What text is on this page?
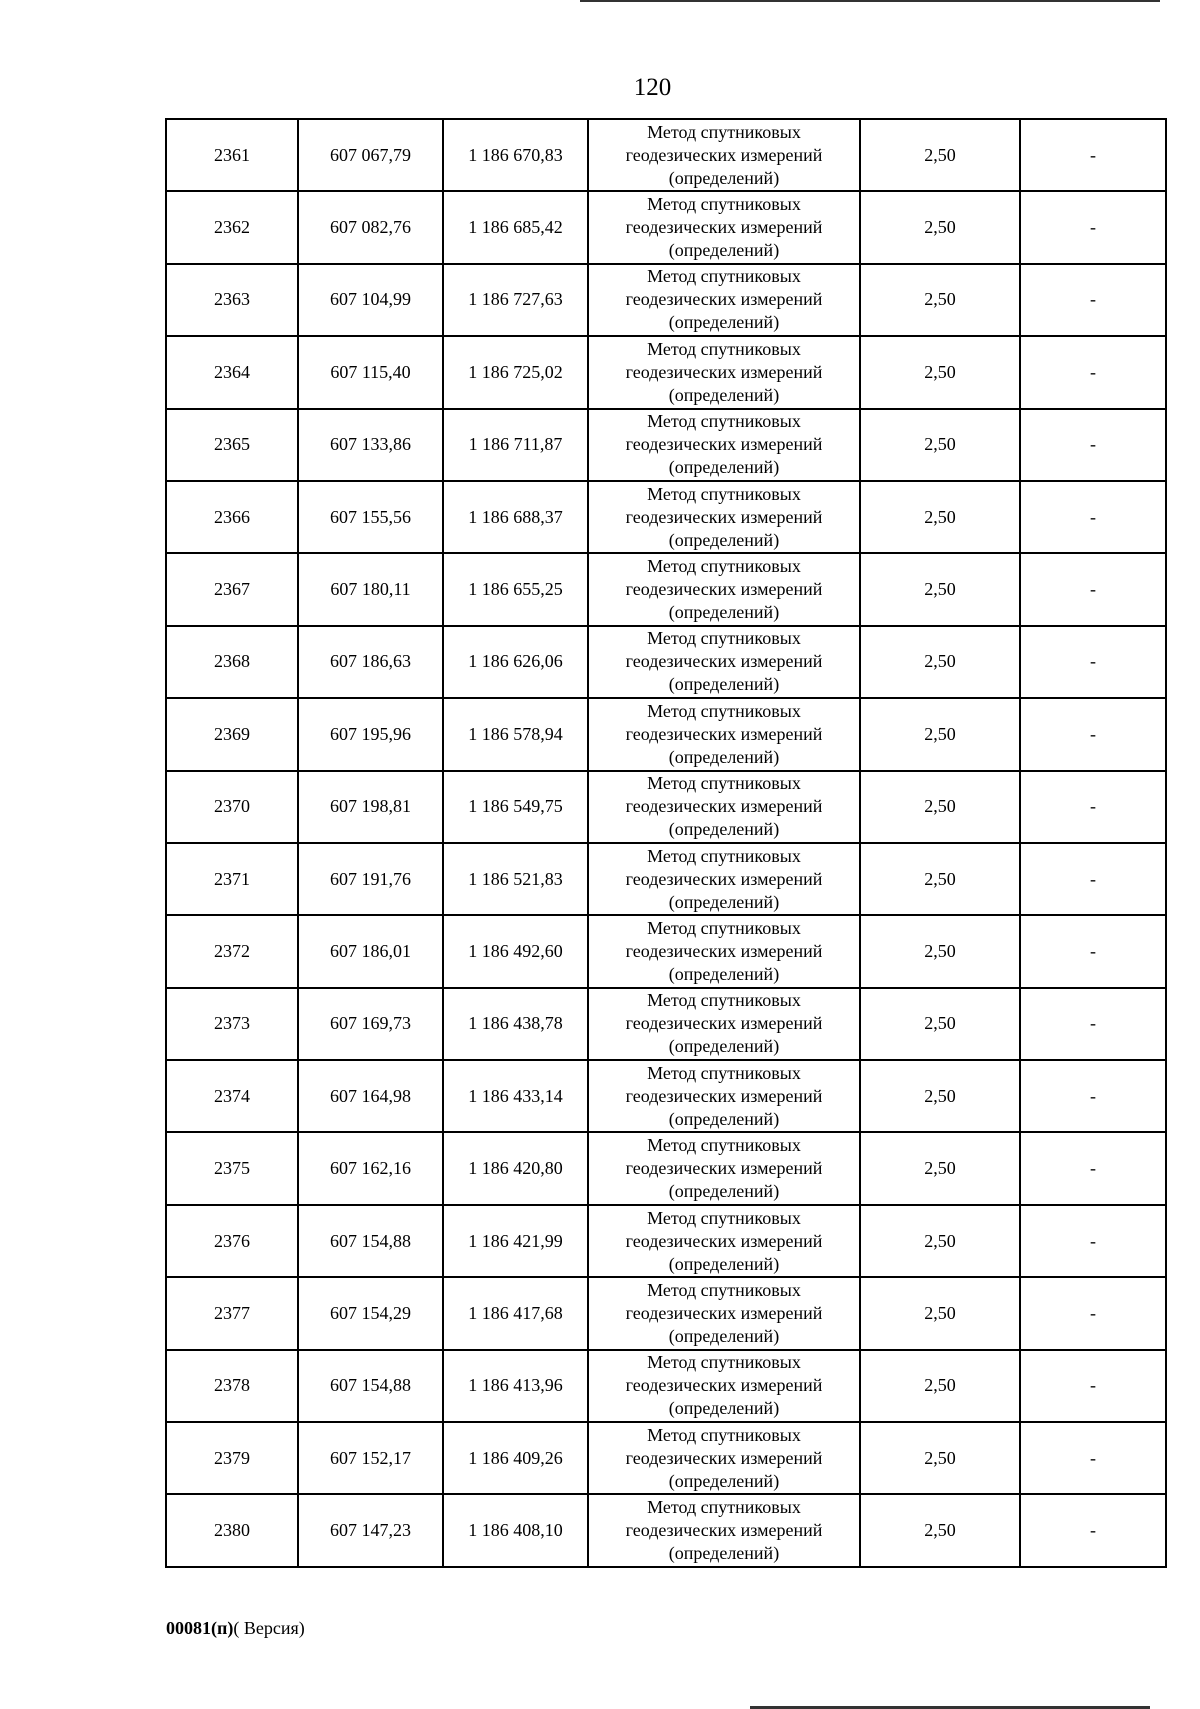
120
2361	607 067,79	1 186 670,83	Метод спутниковых
геодезических измерений
(определений)	2,50	-
2362	607 082,76	1 186 685,42	Метод спутниковых
геодезических измерений
(определений)	2,50	-
2363	607 104,99	1 186 727,63	Метод спутниковых
геодезических измерений
(определений)	2,50	-
2364	607 115,40	1 186 725,02	Метод спутниковых
геодезических измерений
(определений)	2,50	-
2365	607 133,86	1 186 711,87	Метод спутниковых
геодезических измерений
(определений)	2,50	-
2366	607 155,56	1 186 688,37	Метод спутниковых
геодезических измерений
(определений)	2,50	-
2367	607 180,11	1 186 655,25	Метод спутниковых
геодезических измерений
(определений)	2,50	-
2368	607 186,63	1 186 626,06	Метод спутниковых
геодезических измерений
(определений)	2,50	-
2369	607 195,96	1 186 578,94	Метод спутниковых
геодезических измерений
(определений)	2,50	-
2370	607 198,81	1 186 549,75	Метод спутниковых
геодезических измерений
(определений)	2,50	-
2371	607 191,76	1 186 521,83	Метод спутниковых
геодезических измерений
(определений)	2,50	-
2372	607 186,01	1 186 492,60	Метод спутниковых
геодезических измерений
(определений)	2,50	-
2373	607 169,73	1 186 438,78	Метод спутниковых
геодезических измерений
(определений)	2,50	-
2374	607 164,98	1 186 433,14	Метод спутниковых
геодезических измерений
(определений)	2,50	-
2375	607 162,16	1 186 420,80	Метод спутниковых
геодезических измерений
(определений)	2,50	-
2376	607 154,88	1 186 421,99	Метод спутниковых
геодезических измерений
(определений)	2,50	-
2377	607 154,29	1 186 417,68	Метод спутниковых
геодезических измерений
(определений)	2,50	-
2378	607 154,88	1 186 413,96	Метод спутниковых
геодезических измерений
(определений)	2,50	-
2379	607 152,17	1 186 409,26	Метод спутниковых
геодезических измерений
(определений)	2,50	-
2380	607 147,23	1 186 408,10	Метод спутниковых
геодезических измерений
(определений)	2,50	-
00081(п)( Версия)
